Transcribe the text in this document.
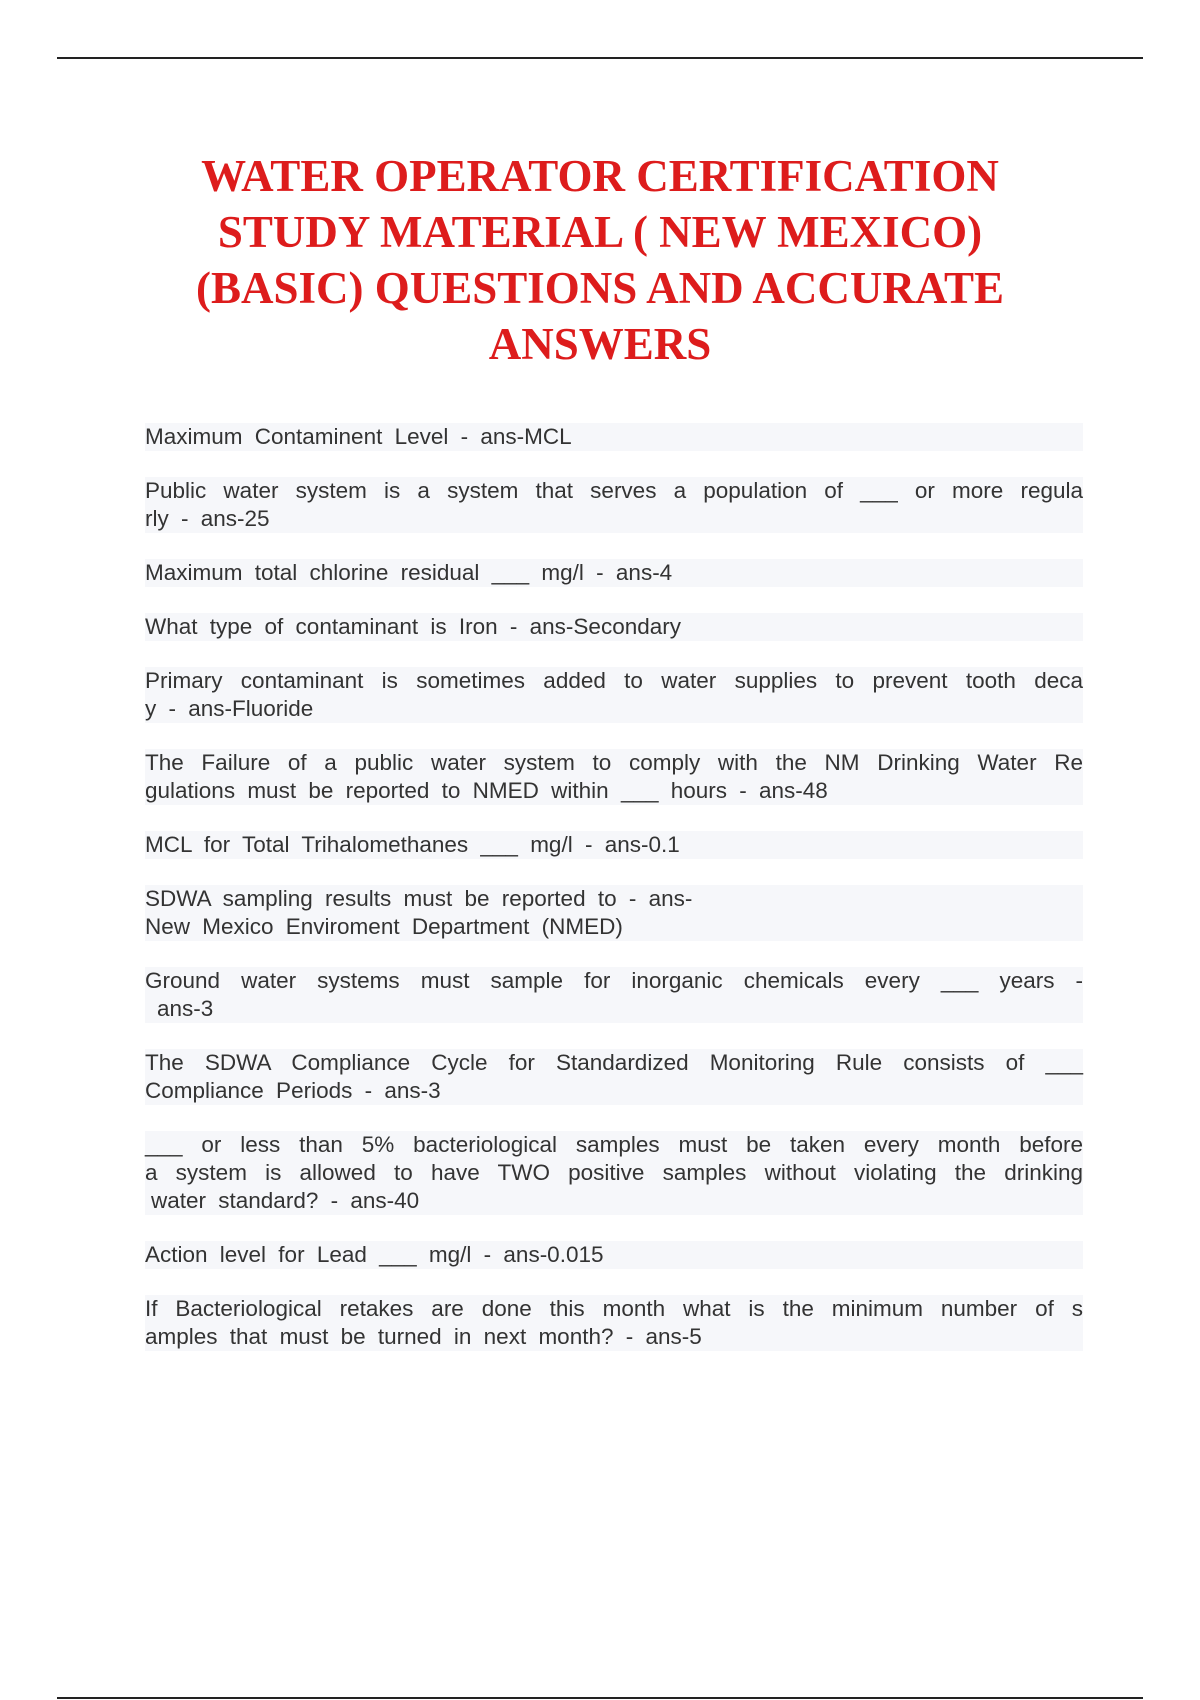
WATER OPERATOR CERTIFICATION
STUDY MATERIAL ( NEW MEXICO)
(BASIC) QUESTIONS AND ACCURATE
ANSWERS
Maximum Contaminent Level - ans-MCL
Public water system is a system that serves a population of ___ or more regula
rly - ans-25
Maximum total chlorine residual ___ mg/l - ans-4
What type of contaminant is Iron - ans-Secondary
Primary contaminant is sometimes added to water supplies to prevent tooth deca
y - ans-Fluoride
The Failure of a public water system to comply with the NM Drinking Water Re
gulations must be reported to NMED within ___ hours - ans-48
MCL for Total Trihalomethanes ___ mg/l - ans-0.1
SDWA sampling results must be reported to - ans-
New Mexico Enviroment Department (NMED)
Ground water systems must sample for inorganic chemicals every ___ years -
ans-3
The SDWA Compliance Cycle for Standardized Monitoring Rule consists of ___
Compliance Periods - ans-3
___ or less than 5% bacteriological samples must be taken every month before
a system is allowed to have TWO positive samples without violating the drinking
water standard? - ans-40
Action level for Lead ___ mg/l - ans-0.015
If Bacteriological retakes are done this month what is the minimum number of s
amples that must be turned in next month? - ans-5
